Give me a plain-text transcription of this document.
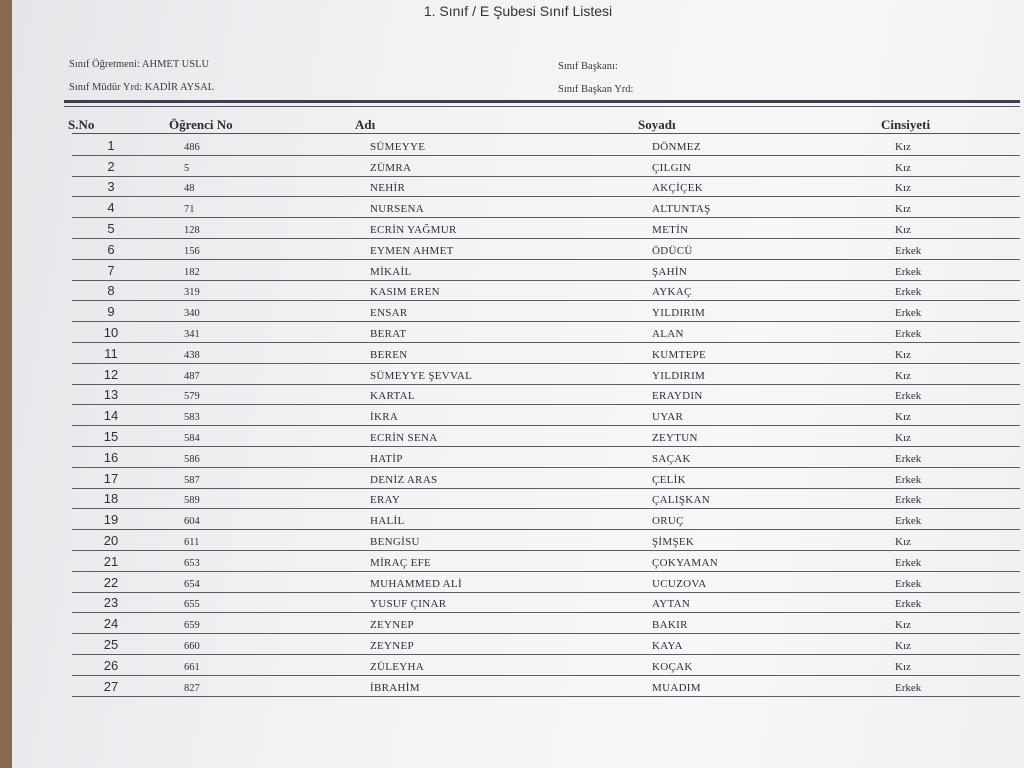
1. Sınıf / E Şubesi Sınıf Listesi
Sınıf Öğretmeni: AHMET USLU
Sınıf Müdür Yrd: KADİR AYSAL
Sınıf Başkanı:
Sınıf Başkan Yrd:
S.No	Öğrenci No	Adı	Soyadı	Cinsiyeti
1	486	SÜMEYYE	DÖNMEZ	Kız
2	5	ZÜMRA	ÇILGIN	Kız
3	48	NEHİR	AKÇİÇEK	Kız
4	71	NURSENA	ALTUNTAŞ	Kız
5	128	ECRİN YAĞMUR	METİN	Kız
6	156	EYMEN AHMET	ÖDÜCÜ	Erkek
7	182	MİKAİL	ŞAHİN	Erkek
8	319	KASIM EREN	AYKAÇ	Erkek
9	340	ENSAR	YILDIRIM	Erkek
10	341	BERAT	ALAN	Erkek
11	438	BEREN	KUMTEPE	Kız
12	487	SÜMEYYE ŞEVVAL	YILDIRIM	Kız
13	579	KARTAL	ERAYDIN	Erkek
14	583	İKRA	UYAR	Kız
15	584	ECRİN SENA	ZEYTUN	Kız
16	586	HATİP	SAÇAK	Erkek
17	587	DENİZ ARAS	ÇELİK	Erkek
18	589	ERAY	ÇALIŞKAN	Erkek
19	604	HALİL	ORUÇ	Erkek
20	611	BENGİSU	ŞİMŞEK	Kız
21	653	MİRAÇ EFE	ÇOKYAMAN	Erkek
22	654	MUHAMMED ALİ	UCUZOVA	Erkek
23	655	YUSUF ÇINAR	AYTAN	Erkek
24	659	ZEYNEP	BAKIR	Kız
25	660	ZEYNEP	KAYA	Kız
26	661	ZÜLEYHA	KOÇAK	Kız
27	827	İBRAHİM	MUADIM	Erkek
